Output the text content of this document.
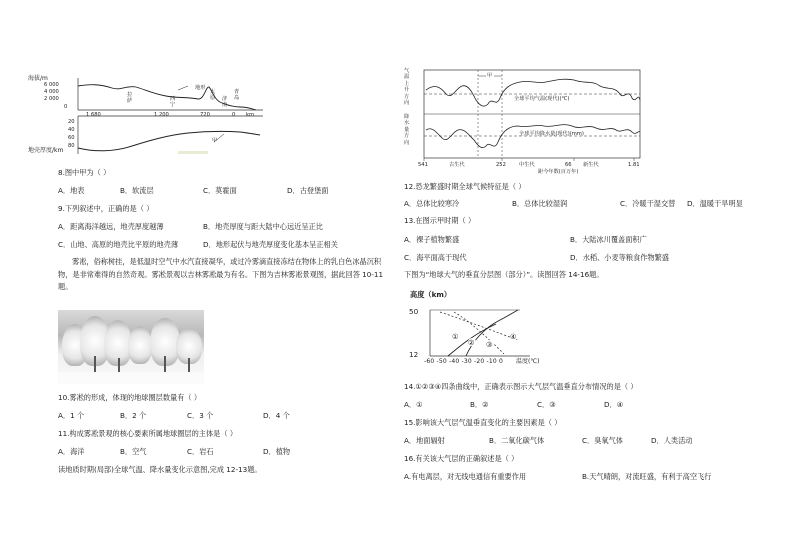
海拔/m
6 000
4 000
2 000
0
地形
拉萨	西宁
太原 济南
青岛
1 680	1 200	720	0 km
20
40
60
80
地壳厚度/km
甲
8.图中甲为（ ）
A．地表	B．软流层	C．莫霍面	D．古登堡面
9.下列叙述中，正确的是（ ）
A．距离海洋越远，地壳厚度越薄	B．地壳厚度与距大陆中心远近呈正比
C．山地、高原的地壳比平原的地壳薄	D．地形起伏与地壳厚度变化基本呈正相关
雾凇，俗称树挂，是低温时空气中水汽直接凝华，或过冷雾滴直接冻结在物体上的乳白色冰晶沉积物，是非常难得的自然奇观。雾凇景观以吉林雾凇最为有名。下图为吉林雾凇景观图，据此回答 10-11题。
10.雾凇的形成，体现的地球圈层数量有（ ）
A．1 个	B．2 个	C．3 个	D．4 个
11.构成雾凇景观的核心要素所属地球圈层的主体是（ ）
A．海洋	B．空气	C．岩石	D．植物
读地质时期(局部)全球气温、降水量变化示意图,完成 12-13题。
气温上升方向
降水量方向
甲
全球平均气温(现代)(℃)
全球平均降水量(现代)(mm)
541	古生代	252	中生代	66 新生代	1.81
距今年数(百万年)
12.恐龙繁盛时期全球气候特征是（ ）
A．总体比较寒冷	B．总体比较湿润	C．冷暖干湿交替 D．温暖干旱明显
13.在图示甲时期（ ）
A．裸子植物繁盛	B．大陆冰川覆盖面积广
C．海平面高于现代	D．水稻、小麦等粮食作物繁盛
下图为“地球大气的垂直分层图（部分）”。读图回答 14-16题。
高度（km）
50
12
①
② ③
④
-60 -50 -40 -30 -20 -10 0 温度(℃)
14.①②③④四条曲线中，正确表示图示大气层气温垂直分布情况的是（ ）
A．①	B．②	C．③	D．④
15.影响该大气层气温垂直变化的主要因素是（ ）
A．地面辐射	B．二氧化碳气体	C．臭氧气体	D．人类活动
16.有关该大气层的正确叙述是（ ）
A.有电离层，对无线电通信有重要作用	B.天气晴朗，对流旺盛，有利于高空飞行
